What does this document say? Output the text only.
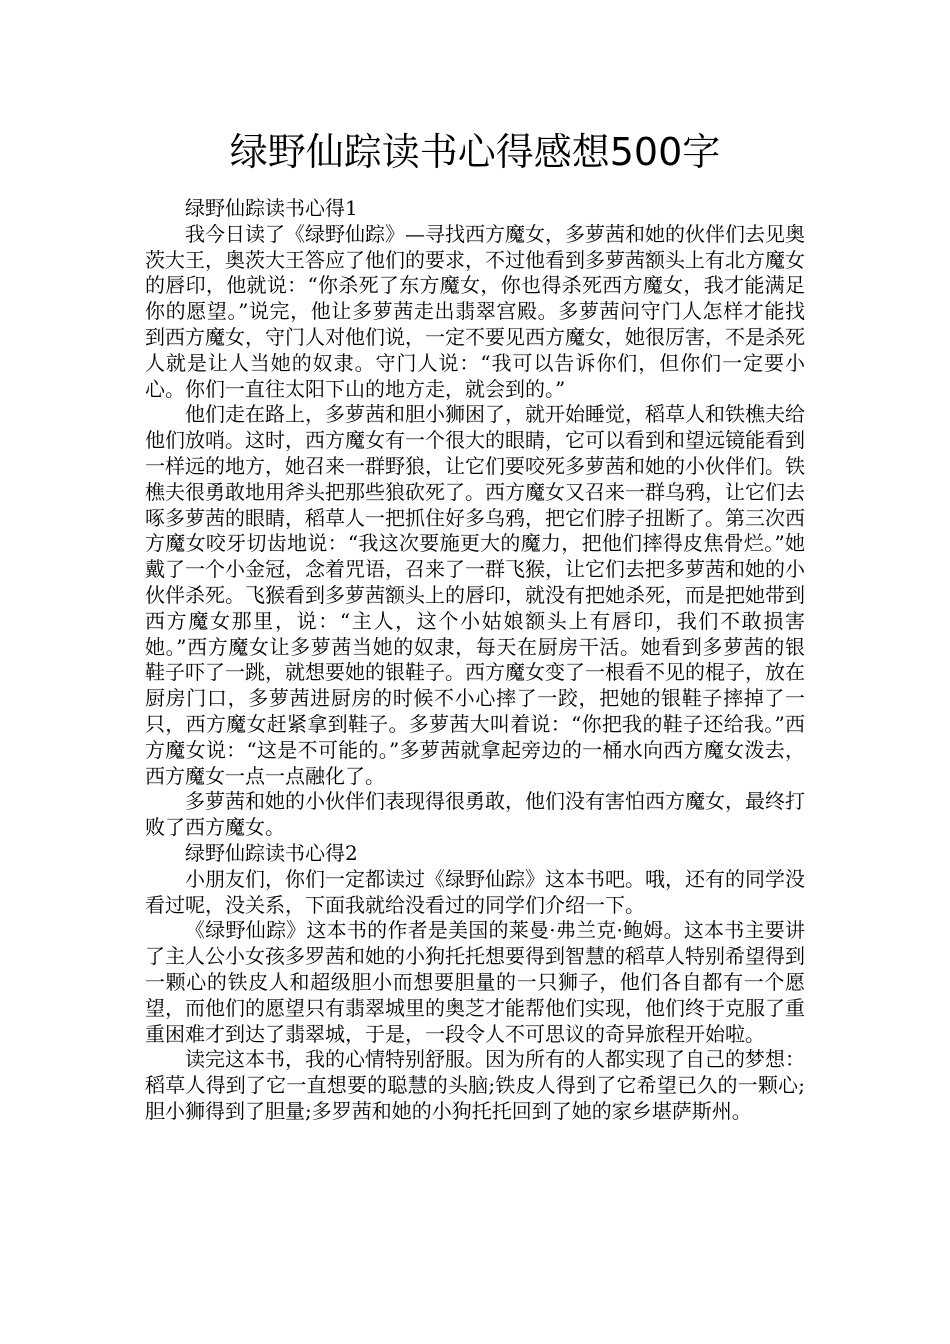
绿野仙踪读书心得感想500字

绿野仙踪读书心得1

我今日读了《绿野仙踪》—寻找西方魔女，多萝茜和她的伙伴们去见奥茨大王，奥茨大王答应了他们的要求，不过他看到多萝茜额头上有北方魔女的唇印，他就说：“你杀死了东方魔女，你也得杀死西方魔女，我才能满足你的愿望。”说完，他让多萝茜走出翡翠宫殿。多萝茜问守门人怎样才能找到西方魔女，守门人对他们说，一定不要见西方魔女，她很厉害，不是杀死人就是让人当她的奴隶。守门人说：“我可以告诉你们，但你们一定要小心。你们一直往太阳下山的地方走，就会到的。”

他们走在路上，多萝茜和胆小狮困了，就开始睡觉，稻草人和铁樵夫给他们放哨。这时，西方魔女有一个很大的眼睛，它可以看到和望远镜能看到一样远的地方，她召来一群野狼，让它们要咬死多萝茜和她的小伙伴们。铁樵夫很勇敢地用斧头把那些狼砍死了。西方魔女又召来一群乌鸦，让它们去啄多萝茜的眼睛，稻草人一把抓住好多乌鸦，把它们脖子扭断了。第三次西方魔女咬牙切齿地说：“我这次要施更大的魔力，把他们摔得皮焦骨烂。”她戴了一个小金冠，念着咒语，召来了一群飞猴，让它们去把多萝茜和她的小伙伴杀死。飞猴看到多萝茜额头上的唇印，就没有把她杀死，而是把她带到西方魔女那里，说：“主人，这个小姑娘额头上有唇印，我们不敢损害她。”西方魔女让多萝茜当她的奴隶，每天在厨房干活。她看到多萝茜的银鞋子吓了一跳，就想要她的银鞋子。西方魔女变了一根看不见的棍子，放在厨房门口，多萝茜进厨房的时候不小心摔了一跤，把她的银鞋子摔掉了一只，西方魔女赶紧拿到鞋子。多萝茜大叫着说：“你把我的鞋子还给我。”西方魔女说：“这是不可能的。”多萝茜就拿起旁边的一桶水向西方魔女泼去，西方魔女一点一点融化了。

多萝茜和她的小伙伴们表现得很勇敢，他们没有害怕西方魔女，最终打败了西方魔女。

绿野仙踪读书心得2

小朋友们，你们一定都读过《绿野仙踪》这本书吧。哦，还有的同学没看过呢，没关系，下面我就给没看过的同学们介绍一下。

《绿野仙踪》这本书的作者是美国的莱曼·弗兰克·鲍姆。这本书主要讲了主人公小女孩多罗茜和她的小狗托托想要得到智慧的稻草人特别希望得到一颗心的铁皮人和超级胆小而想要胆量的一只狮子，他们各自都有一个愿望，而他们的愿望只有翡翠城里的奥芝才能帮他们实现，他们终于克服了重重困难才到达了翡翠城，于是，一段令人不可思议的奇异旅程开始啦。

读完这本书，我的心情特别舒服。因为所有的人都实现了自己的梦想：稻草人得到了它一直想要的聪慧的头脑;铁皮人得到了它希望已久的一颗心;胆小狮得到了胆量;多罗茜和她的小狗托托回到了她的家乡堪萨斯州。
